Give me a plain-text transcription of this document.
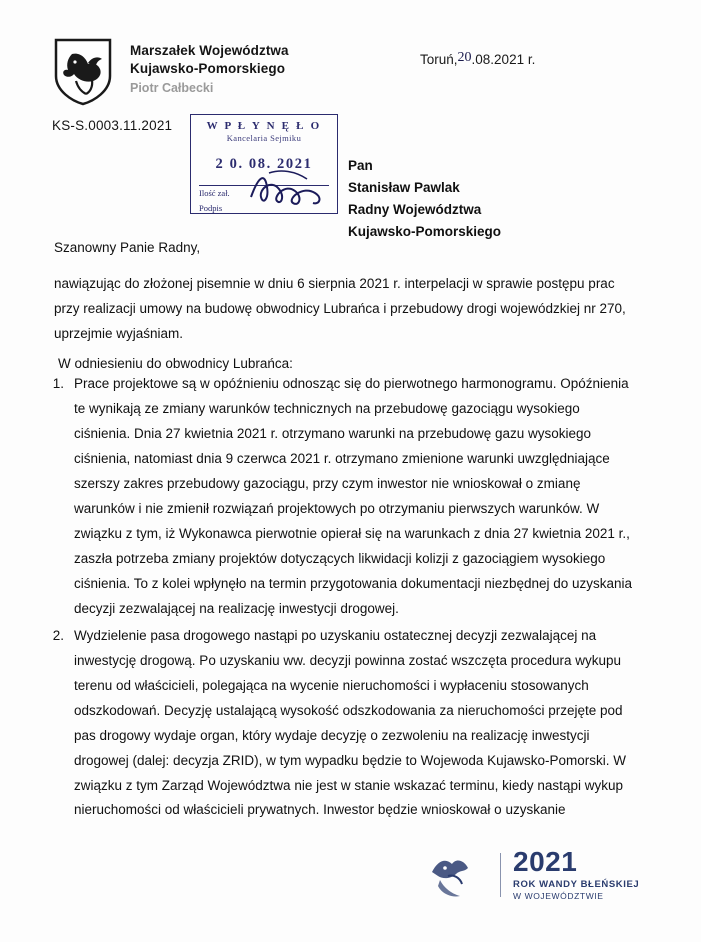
Marszałek Województwa
Kujawsko-Pomorskiego
Piotr Całbecki
Toruń,20.08.2021 r.
KS-S.0003.11.2021	W P Ł Y N Ę Ł O
Kancelaria Sejmiku
2 0. 08. 2021
Ilość zał.
Podpis
Pan
Stanisław Pawlak
Radny Województwa
Kujawsko-Pomorskiego
Szanowny Panie Radny,
nawiązując do złożonej pisemnie w dniu 6 sierpnia 2021 r. interpelacji w sprawie postępu prac przy realizacji umowy na budowę obwodnicy Lubrańca i przebudowy drogi wojewódzkiej nr 270, uprzejmie wyjaśniam.
W odniesieniu do obwodnicy Lubrańca:
1. Prace projektowe są w opóźnieniu odnosząc się do pierwotnego harmonogramu. Opóźnienia te wynikają ze zmiany warunków technicznych na przebudowę gazociągu wysokiego ciśnienia. Dnia 27 kwietnia 2021 r. otrzymano warunki na przebudowę gazu wysokiego ciśnienia, natomiast dnia 9 czerwca 2021 r. otrzymano zmienione warunki uwzględniające szerszy zakres przebudowy gazociągu, przy czym inwestor nie wnioskował o zmianę warunków i nie zmienił rozwiązań projektowych po otrzymaniu pierwszych warunków. W związku z tym, iż Wykonawca pierwotnie opierał się na warunkach z dnia 27 kwietnia 2021 r., zaszła potrzeba zmiany projektów dotyczących likwidacji kolizji z gazociągiem wysokiego ciśnienia. To z kolei wpłynęło na termin przygotowania dokumentacji niezbędnej do uzyskania decyzji zezwalającej na realizację inwestycji drogowej.
2. Wydzielenie pasa drogowego nastąpi po uzyskaniu ostatecznej decyzji zezwalającej na inwestycję drogową. Po uzyskaniu ww. decyzji powinna zostać wszczęta procedura wykupu terenu od właścicieli, polegająca na wycenie nieruchomości i wypłaceniu stosowanych odszkodowań. Decyzję ustalającą wysokość odszkodowania za nieruchomości przejęte pod pas drogowy wydaje organ, który wydaje decyzję o zezwoleniu na realizację inwestycji drogowej (dalej: decyzja ZRID), w tym wypadku będzie to Wojewoda Kujawsko-Pomorski. W związku z tym Zarząd Województwa nie jest w stanie wskazać terminu, kiedy nastąpi wykup nieruchomości od właścicieli prywatnych. Inwestor będzie wnioskował o uzyskanie
2021
ROK WANDY BŁEŃSKIEJ
W WOJEWÓDZTWIE
